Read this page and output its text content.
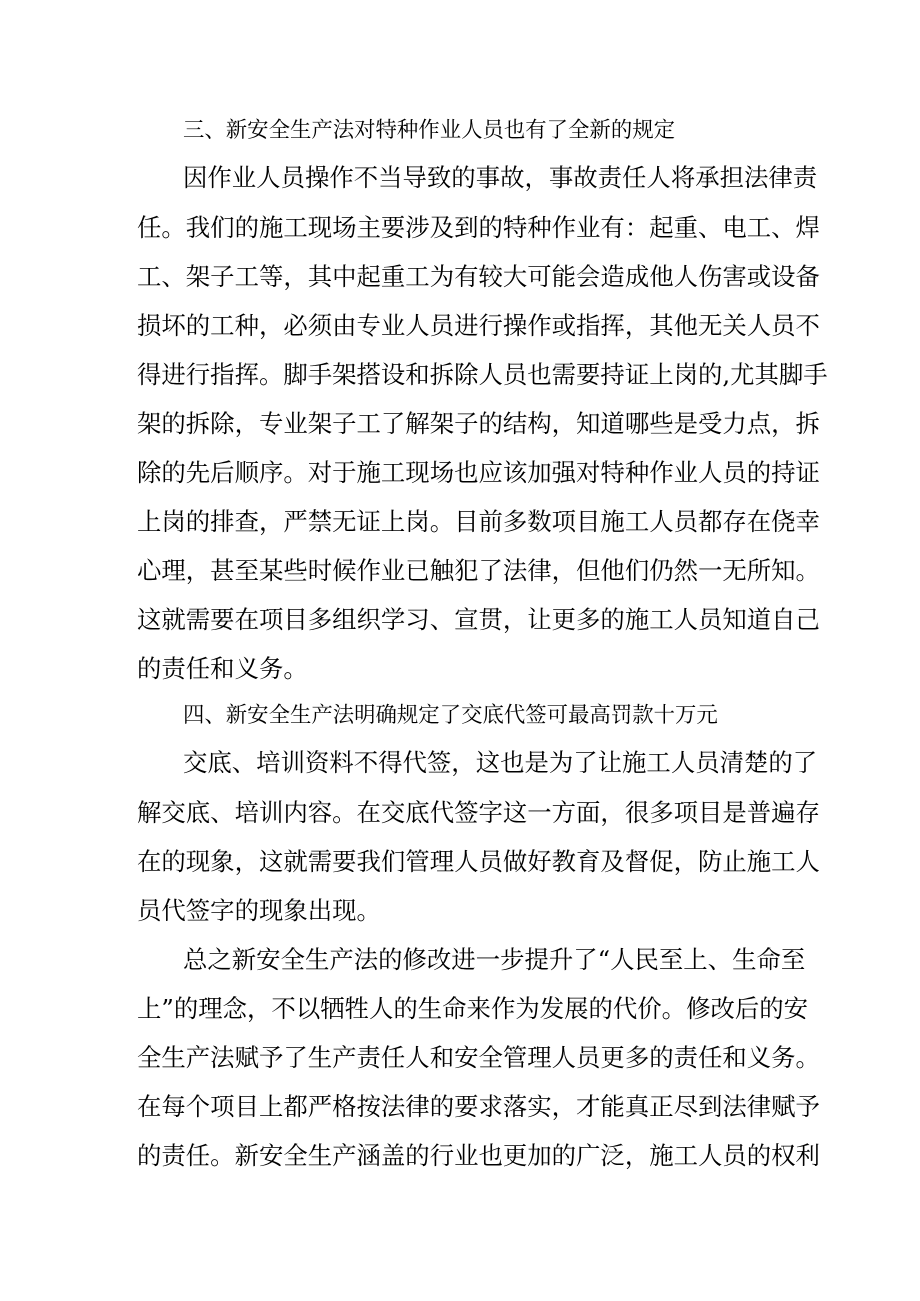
三、新安全生产法对特种作业人员也有了全新的规定
因作业人员操作不当导致的事故，事故责任人将承担法律责
任。我们的施工现场主要涉及到的特种作业有：起重、电工、焊
工、架子工等，其中起重工为有较大可能会造成他人伤害或设备
损坏的工种，必须由专业人员进行操作或指挥，其他无关人员不
得进行指挥。脚手架搭设和拆除人员也需要持证上岗的,尤其脚手
架的拆除，专业架子工了解架子的结构，知道哪些是受力点，拆
除的先后顺序。对于施工现场也应该加强对特种作业人员的持证
上岗的排查，严禁无证上岗。目前多数项目施工人员都存在侥幸
心理，甚至某些时候作业已触犯了法律，但他们仍然一无所知。
这就需要在项目多组织学习、宣贯，让更多的施工人员知道自己
的责任和义务。
四、新安全生产法明确规定了交底代签可最高罚款十万元
交底、培训资料不得代签，这也是为了让施工人员清楚的了
解交底、培训内容。在交底代签字这一方面，很多项目是普遍存
在的现象，这就需要我们管理人员做好教育及督促，防止施工人
员代签字的现象出现。
总之新安全生产法的修改进一步提升了“人民至上、生命至
上”的理念，不以牺牲人的生命来作为发展的代价。修改后的安
全生产法赋予了生产责任人和安全管理人员更多的责任和义务。
在每个项目上都严格按法律的要求落实，才能真正尽到法律赋予
的责任。新安全生产涵盖的行业也更加的广泛，施工人员的权利
